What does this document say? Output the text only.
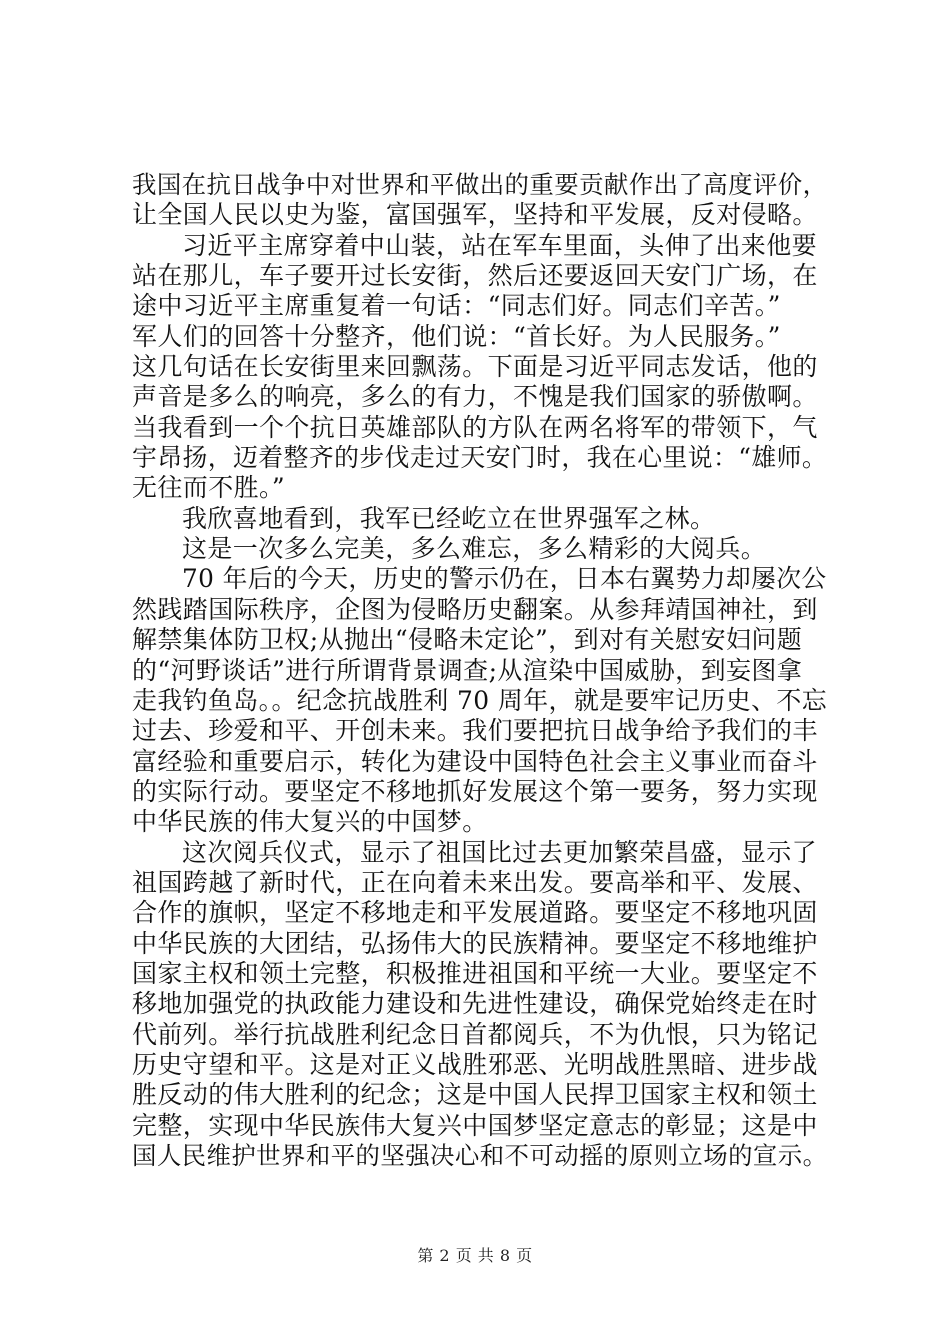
我国在抗日战争中对世界和平做出的重要贡献作出了高度评价，
让全国人民以史为鉴，富国强军，坚持和平发展，反对侵略。
习近平主席穿着中山装，站在军车里面，头伸了出来他要
站在那儿，车子要开过长安街，然后还要返回天安门广场，在
途中习近平主席重复着一句话：“同志们好。同志们辛苦。”
军人们的回答十分整齐，他们说：“首长好。为人民服务。”
这几句话在长安街里来回飘荡。下面是习近平同志发话，他的
声音是多么的响亮，多么的有力，不愧是我们国家的骄傲啊。
当我看到一个个抗日英雄部队的方队在两名将军的带领下，气
宇昂扬，迈着整齐的步伐走过天安门时，我在心里说：“雄师。
无往而不胜。”
我欣喜地看到，我军已经屹立在世界强军之林。
这是一次多么完美，多么难忘，多么精彩的大阅兵。
70 年后的今天，历史的警示仍在，日本右翼势力却屡次公
然践踏国际秩序，企图为侵略历史翻案。从参拜靖国神社，到
解禁集体防卫权;从抛出“侵略未定论”，到对有关慰安妇问题
的“河野谈话”进行所谓背景调查;从渲染中国威胁，到妄图拿
走我钓鱼岛。。纪念抗战胜利 70 周年，就是要牢记历史、不忘
过去、珍爱和平、开创未来。我们要把抗日战争给予我们的丰
富经验和重要启示，转化为建设中国特色社会主义事业而奋斗
的实际行动。要坚定不移地抓好发展这个第一要务，努力实现
中华民族的伟大复兴的中国梦。
这次阅兵仪式，显示了祖国比过去更加繁荣昌盛，显示了
祖国跨越了新时代，正在向着未来出发。要高举和平、发展、
合作的旗帜，坚定不移地走和平发展道路。要坚定不移地巩固
中华民族的大团结，弘扬伟大的民族精神。要坚定不移地维护
国家主权和领土完整，积极推进祖国和平统一大业。要坚定不
移地加强党的执政能力建设和先进性建设，确保党始终走在时
代前列。举行抗战胜利纪念日首都阅兵，不为仇恨，只为铭记
历史守望和平。这是对正义战胜邪恶、光明战胜黑暗、进步战
胜反动的伟大胜利的纪念；这是中国人民捍卫国家主权和领土
完整，实现中华民族伟大复兴中国梦坚定意志的彰显；这是中
国人民维护世界和平的坚强决心和不可动摇的原则立场的宣示。
第 2 页 共 8 页
